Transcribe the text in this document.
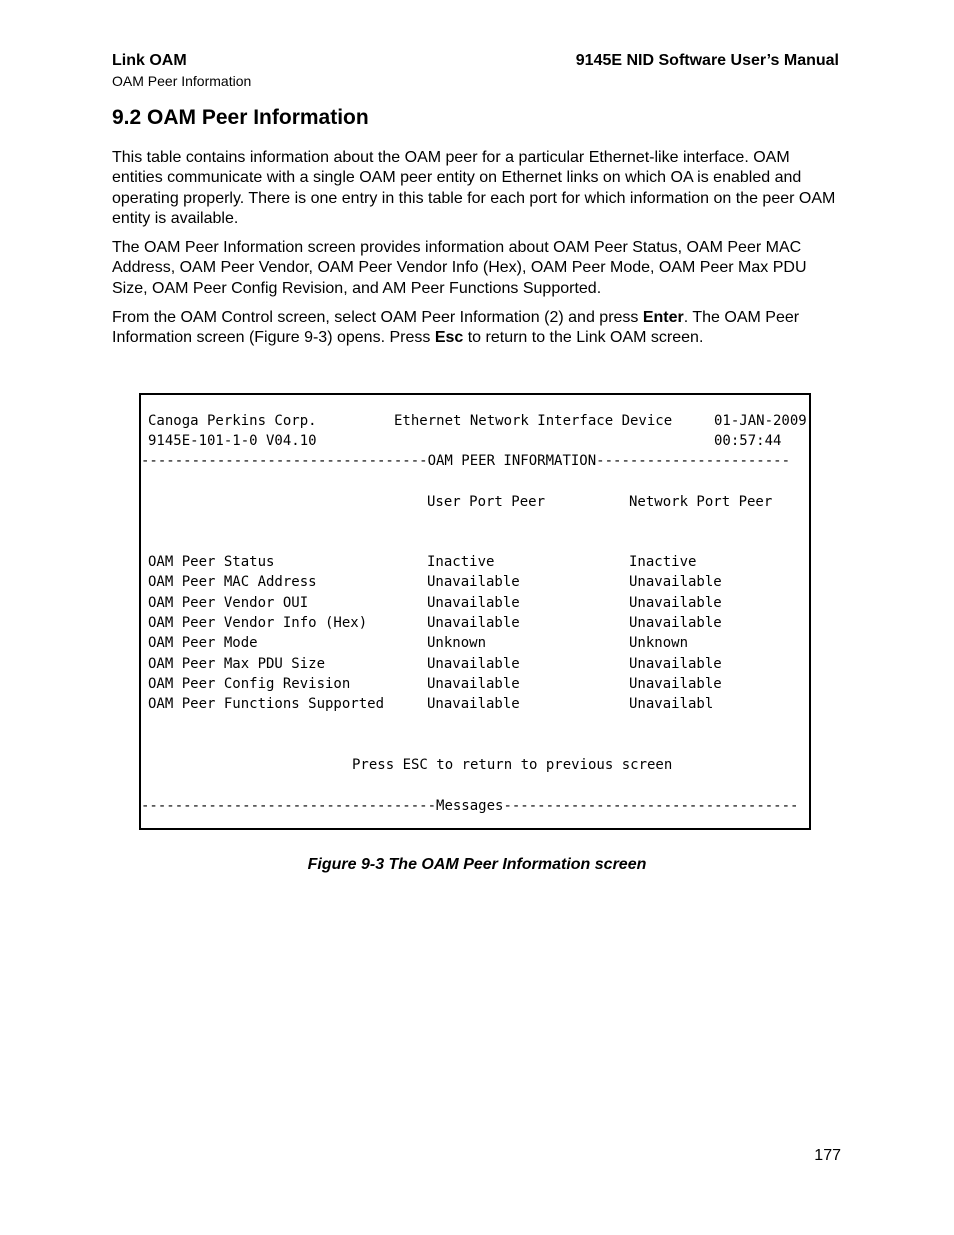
Link OAM
OAM Peer Information
9145E NID Software User’s Manual
9.2 OAM Peer Information
This table contains information about the OAM peer for a particular Ethernet-like interface. OAM entities communicate with a single OAM peer entity on Ethernet links on which OA is enabled and operating properly. There is one entry in this table for each port for which information on the peer OAM entity is available.
The OAM Peer Information screen provides information about OAM Peer Status, OAM Peer MAC Address, OAM Peer Vendor, OAM Peer Vendor Info (Hex), OAM Peer Mode, OAM Peer Max PDU Size, OAM Peer Config Revision, and AM Peer Functions Supported.
From the OAM Control screen, select OAM Peer Information (2) and press Enter. The OAM Peer Information screen (Figure 9-3) opens. Press Esc to return to the Link OAM screen.
Canoga Perkins Corp.	Ethernet Network Interface Device	01-JAN-2009
9145E-101-1-0 V04.10	00:57:44
----------------------------------OAM PEER INFORMATION-----------------------
User Port Peer	Network Port Peer
OAM Peer Status	Inactive	Inactive
OAM Peer MAC Address	Unavailable	Unavailable
OAM Peer Vendor OUI	Unavailable	Unavailable
OAM Peer Vendor Info (Hex)	Unavailable	Unavailable
OAM Peer Mode	Unknown	Unknown
OAM Peer Max PDU Size	Unavailable	Unavailable
OAM Peer Config Revision	Unavailable	Unavailable
OAM Peer Functions Supported	Unavailable	Unavailabl
Press ESC to return to previous screen
-----------------------------------Messages-----------------------------------
Figure 9-3 The OAM Peer Information screen
177
